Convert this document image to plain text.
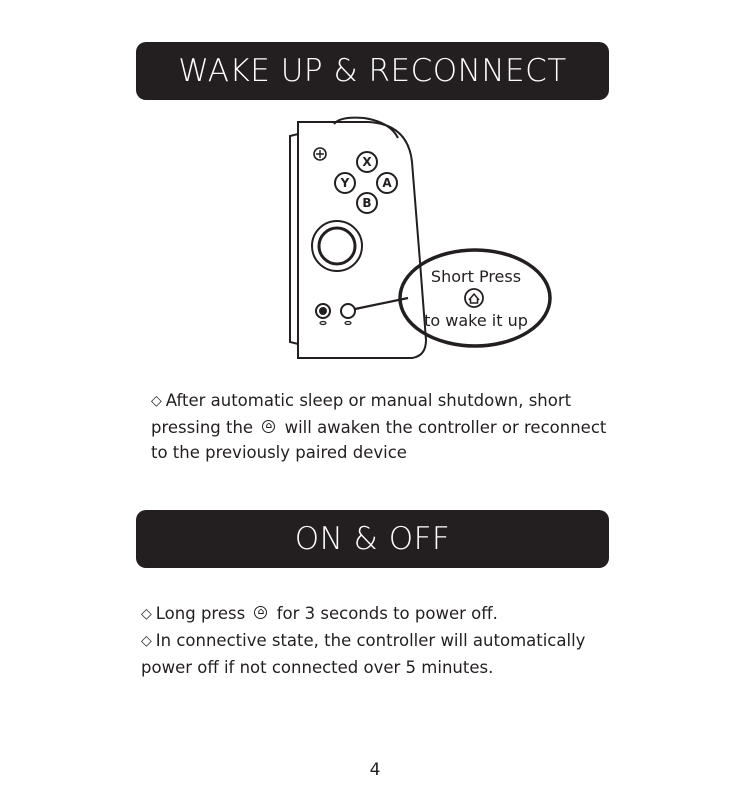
WAKE UP & RECONNECT
X
Y	A
B
Short Press
to wake it up
◇ After automatic sleep or manual shutdown, short
pressing the ⌂ will awaken the controller or reconnect
to the previously paired device
ON & OFF
◇ Long press ⌂ for 3 seconds to power off.
◇ In connective state, the controller will automatically
power off if not connected over 5 minutes.
4
